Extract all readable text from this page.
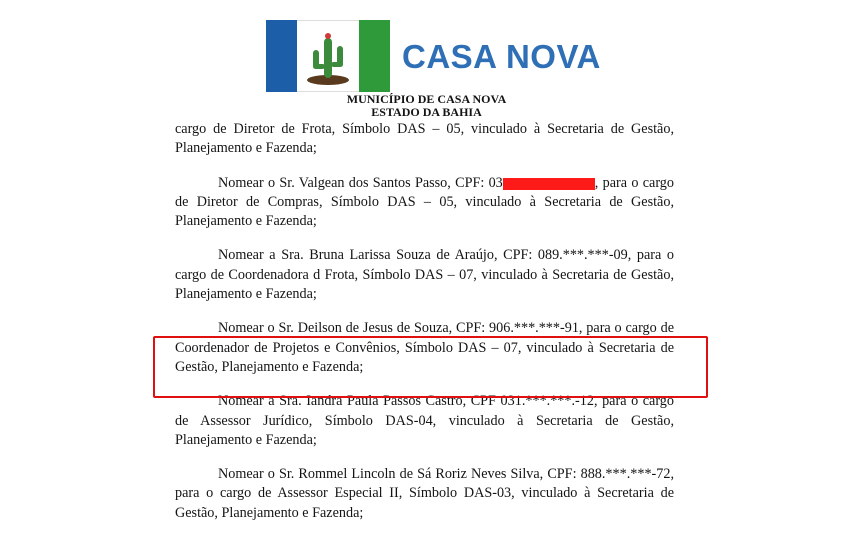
CASA NOVA
MUNICÍPIO DE CASA NOVA
ESTADO DA BAHIA

cargo de Diretor de Frota, Símbolo DAS – 05, vinculado à Secretaria de Gestão, Planejamento e Fazenda;

Nomear o Sr. Valgean dos Santos Passo, CPF: 03	, para o cargo de Diretor de Compras, Símbolo DAS – 05, vinculado à Secretaria de Gestão, Planejamento e Fazenda;

Nomear a Sra. Bruna Larissa Souza de Araújo, CPF: 089.***.***-09, para o cargo de Coordenadora d Frota, Símbolo DAS – 07, vinculado à Secretaria de Gestão, Planejamento e Fazenda;

Nomear o Sr. Deilson de Jesus de Souza, CPF: 906.***.***-91, para o cargo de Coordenador de Projetos e Convênios, Símbolo DAS – 07, vinculado à Secretaria de Gestão, Planejamento e Fazenda;

Nomear a Sra. Iandra Paula Passos Castro, CPF 031.***.***.-12, para o cargo de Assessor Jurídico, Símbolo DAS-04, vinculado à Secretaria de Gestão, Planejamento e Fazenda;

Nomear o Sr. Rommel Lincoln de Sá Roriz Neves Silva, CPF: 888.***.***-72, para o cargo de Assessor Especial II, Símbolo DAS-03, vinculado à Secretaria de Gestão, Planejamento e Fazenda;
